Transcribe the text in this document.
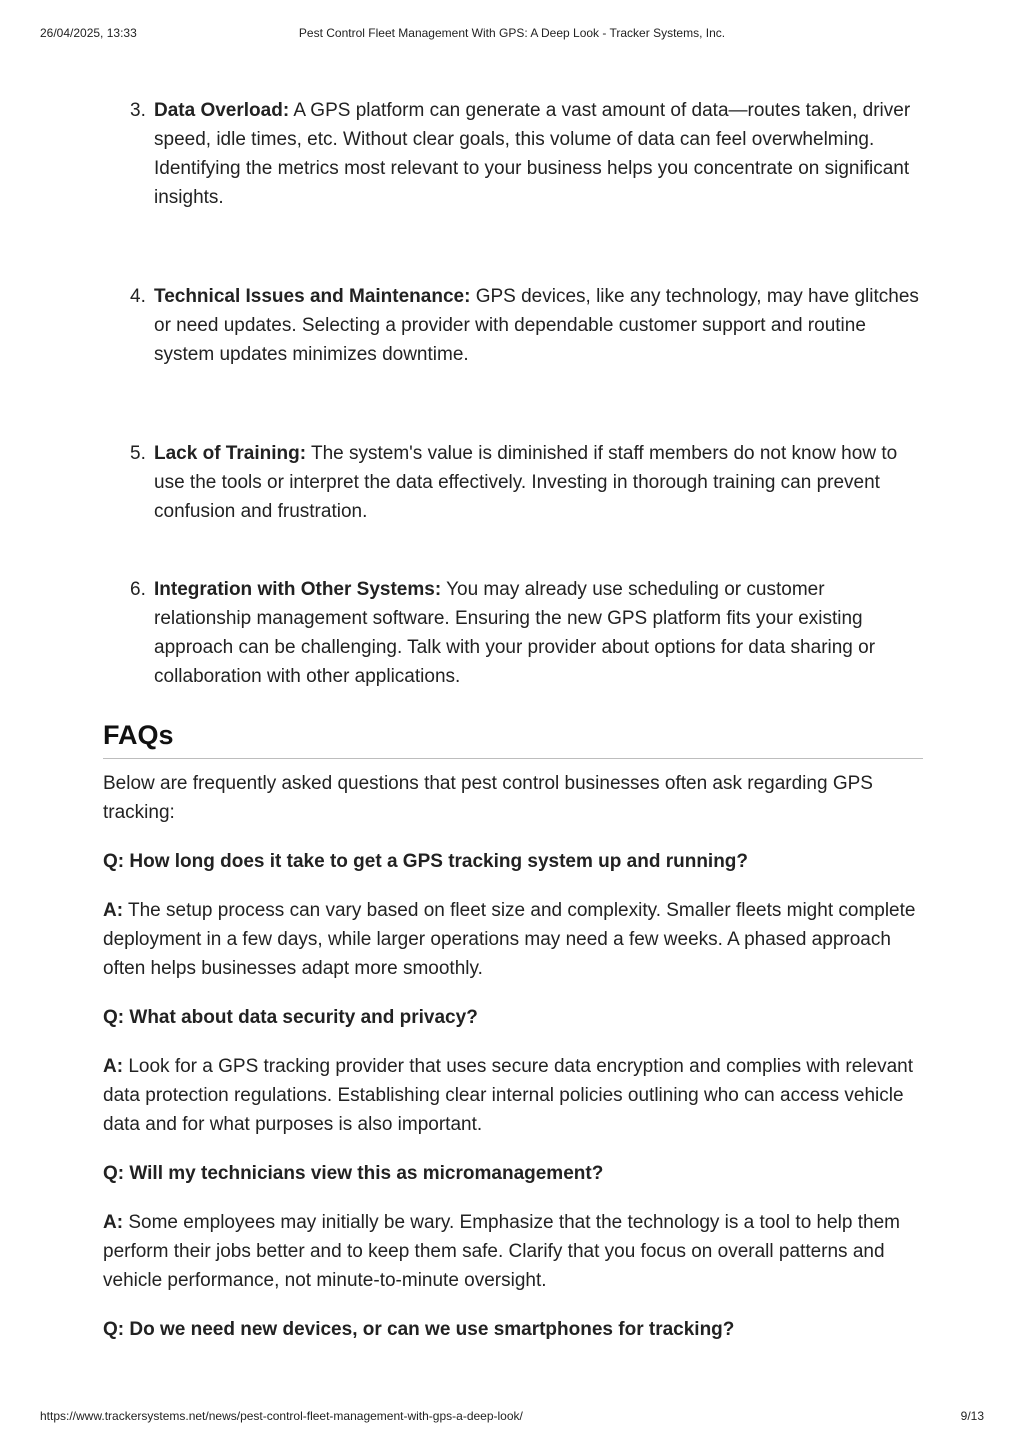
26/04/2025, 13:33	Pest Control Fleet Management With GPS: A Deep Look - Tracker Systems, Inc.
3. Data Overload: A GPS platform can generate a vast amount of data—routes taken, driver speed, idle times, etc. Without clear goals, this volume of data can feel overwhelming. Identifying the metrics most relevant to your business helps you concentrate on significant insights.
4. Technical Issues and Maintenance: GPS devices, like any technology, may have glitches or need updates. Selecting a provider with dependable customer support and routine system updates minimizes downtime.
5. Lack of Training: The system's value is diminished if staff members do not know how to use the tools or interpret the data effectively. Investing in thorough training can prevent confusion and frustration.
6. Integration with Other Systems: You may already use scheduling or customer relationship management software. Ensuring the new GPS platform fits your existing approach can be challenging. Talk with your provider about options for data sharing or collaboration with other applications.
FAQs

Below are frequently asked questions that pest control businesses often ask regarding GPS tracking:

Q: How long does it take to get a GPS tracking system up and running?

A: The setup process can vary based on fleet size and complexity. Smaller fleets might complete deployment in a few days, while larger operations may need a few weeks. A phased approach often helps businesses adapt more smoothly.

Q: What about data security and privacy?

A: Look for a GPS tracking provider that uses secure data encryption and complies with relevant data protection regulations. Establishing clear internal policies outlining who can access vehicle data and for what purposes is also important.

Q: Will my technicians view this as micromanagement?

A: Some employees may initially be wary. Emphasize that the technology is a tool to help them perform their jobs better and to keep them safe. Clarify that you focus on overall patterns and vehicle performance, not minute-to-minute oversight.

Q: Do we need new devices, or can we use smartphones for tracking?

https://www.trackersystems.net/news/pest-control-fleet-management-with-gps-a-deep-look/	9/13
